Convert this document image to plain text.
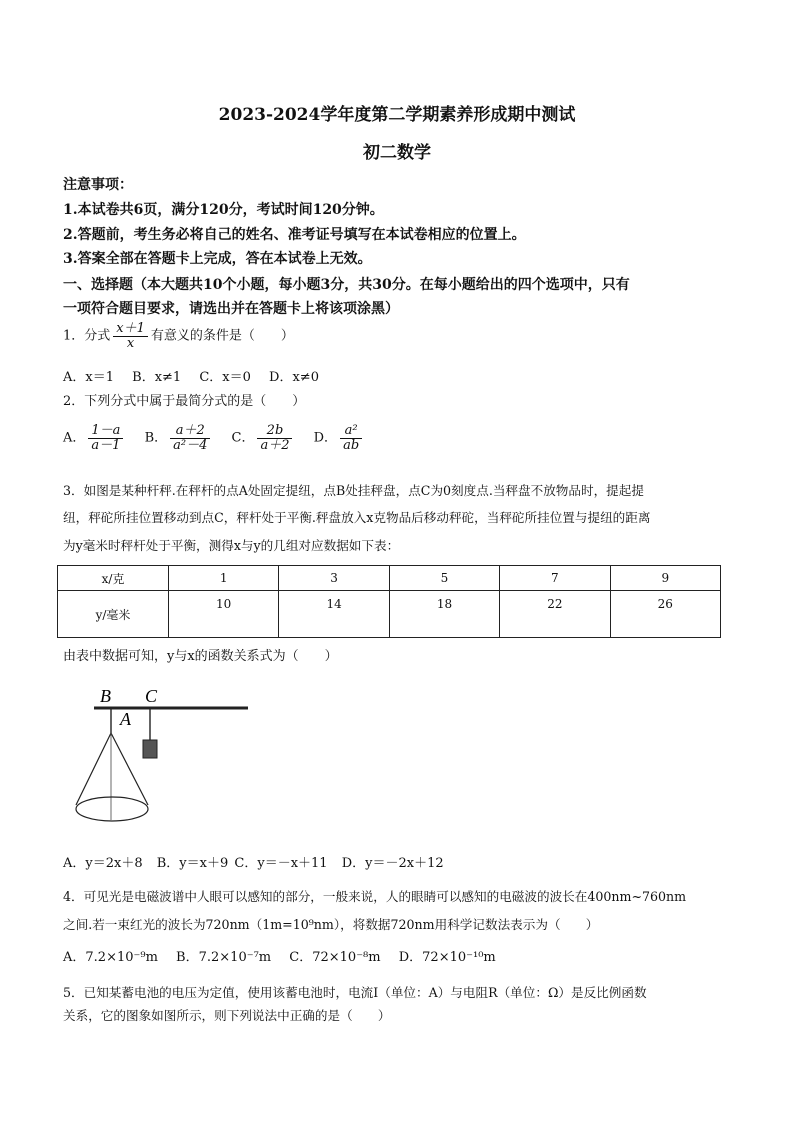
2023-2024学年度第二学期素养形成期中测试
初二数学
注意事项：
1.本试卷共6页，满分120分，考试时间120分钟。
2.答题前，考生务必将自己的姓名、准考证号填写在本试卷相应的位置上。
3.答案全部在答题卡上完成，答在本试卷上无效。
一、选择题（本大题共10个小题，每小题3分，共30分。在每小题给出的四个选项中，只有
一项符合题目要求，请选出并在答题卡上将该项涂黑）
1．分式 $\frac{x+1}{x}$ 有意义的条件是（　　）
A．x＝1 B．x≠1 C．x＝0 D．x≠0
2．下列分式中属于最简分式的是（　　）
A． $\frac{1-a}{a-1}$ B． $\frac{a+2}{\text{a²－4}}$ C． $\frac{2b}{a+2}$ D． $\frac{\text{a²}}{ab}$
3．如图是某种杆秤.在秤杆的点A处固定提纽，点B处挂秤盘，点C为0刻度点.当秤盘不放物品时，提起提
纽，秤砣所挂位置移动到点C，秤杆处于平衡.秤盘放入x克物品后移动秤砣，当秤砣所挂位置与提纽的距离
为y毫米时秤杆处于平衡，测得x与y的几组对应数据如下表：
x/克	1	3	5	7	9
y/毫米	10	14	18	22	26
由表中数据可知，y与x的函数关系式为（　　）
B C
A
A．y＝2x＋8 B．y＝x＋9 C．y＝－x＋11 D．y＝－2x＋12
4．可见光是电磁波谱中人眼可以感知的部分，一般来说，人的眼睛可以感知的电磁波的波长在400nm~760nm
之间.若一束红光的波长为720nm（1m=10⁹nm），将数据720nm用科学记数法表示为（　　）
A．7.2×10⁻⁹m B．7.2×10⁻⁷m C．72×10⁻⁸m D．72×10⁻¹⁰m
5．已知某蓄电池的电压为定值，使用该蓄电池时，电流I（单位：A）与电阻R（单位：Ω）是反比例函数
关系，它的图象如图所示，则下列说法中正确的是（　　）
